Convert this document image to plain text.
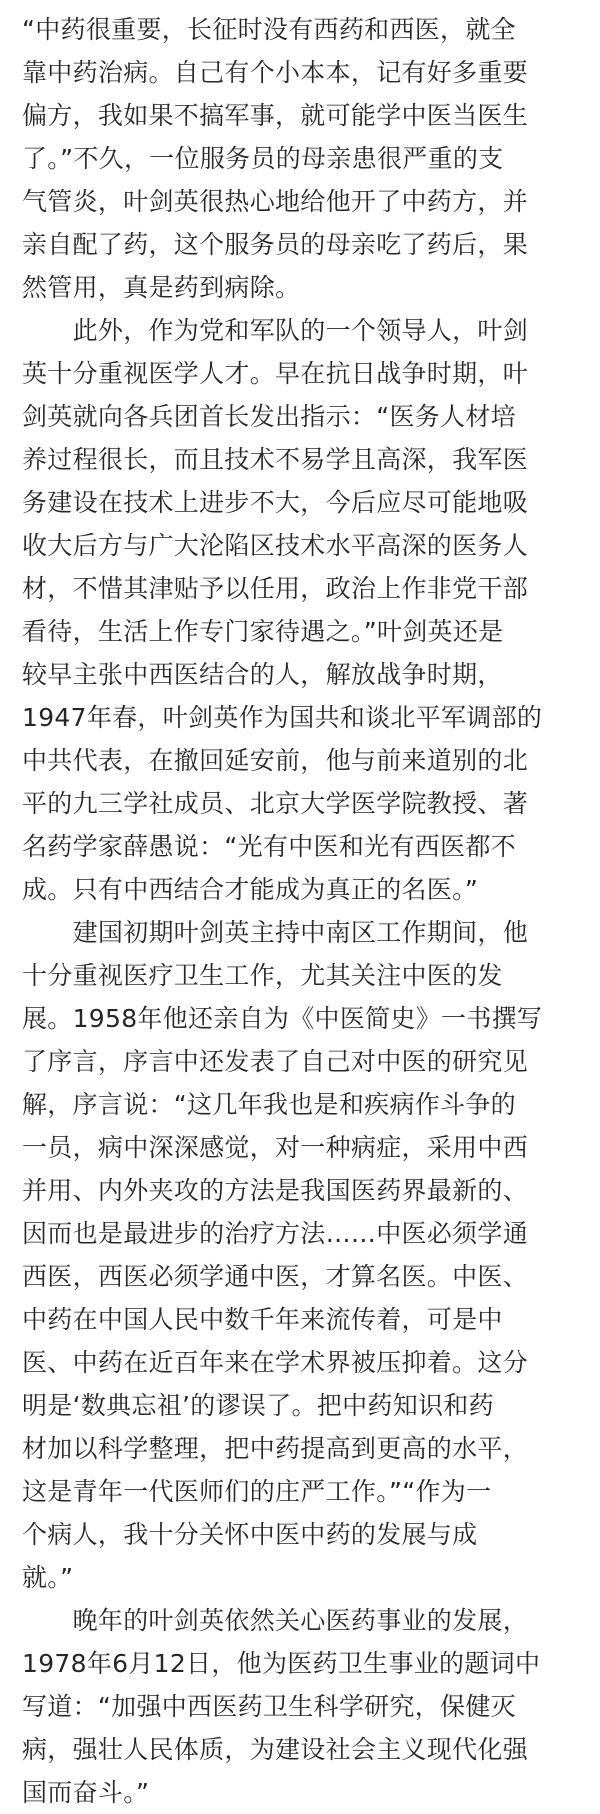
“中药很重要，长征时没有西药和西医，就全
靠中药治病。自己有个小本本，记有好多重要
偏方，我如果不搞军事，就可能学中医当医生
了。”不久，一位服务员的母亲患很严重的支
气管炎，叶剑英很热心地给他开了中药方，并
亲自配了药，这个服务员的母亲吃了药后，果
然管用，真是药到病除。
　　此外，作为党和军队的一个领导人，叶剑
英十分重视医学人才。早在抗日战争时期，叶
剑英就向各兵团首长发出指示：“医务人材培
养过程很长，而且技术不易学且高深，我军医
务建设在技术上进步不大，今后应尽可能地吸
收大后方与广大沦陷区技术水平高深的医务人
材，不惜其津贴予以任用，政治上作非党干部
看待，生活上作专门家待遇之。”叶剑英还是
较早主张中西医结合的人，解放战争时期，
1947年春，叶剑英作为国共和谈北平军调部的
中共代表，在撤回延安前，他与前来道别的北
平的九三学社成员、北京大学医学院教授、著
名药学家薛愚说：“光有中医和光有西医都不
成。只有中西结合才能成为真正的名医。”
　　建国初期叶剑英主持中南区工作期间，他
十分重视医疗卫生工作，尤其关注中医的发
展。1958年他还亲自为《中医简史》一书撰写
了序言，序言中还发表了自己对中医的研究见
解，序言说：“这几年我也是和疾病作斗争的
一员，病中深深感觉，对一种病症，采用中西
并用、内外夹攻的方法是我国医药界最新的、
因而也是最进步的治疗方法……中医必须学通
西医，西医必须学通中医，才算名医。中医、
中药在中国人民中数千年来流传着，可是中
医、中药在近百年来在学术界被压抑着。这分
明是‘数典忘祖’的谬误了。把中药知识和药
材加以科学整理，把中药提高到更高的水平，
这是青年一代医师们的庄严工作。”“作为一
个病人，我十分关怀中医中药的发展与成
就。”
　　晚年的叶剑英依然关心医药事业的发展，
1978年6月12日，他为医药卫生事业的题词中
写道：“加强中西医药卫生科学研究，保健灭
病，强壮人民体质，为建设社会主义现代化强
国而奋斗。”
